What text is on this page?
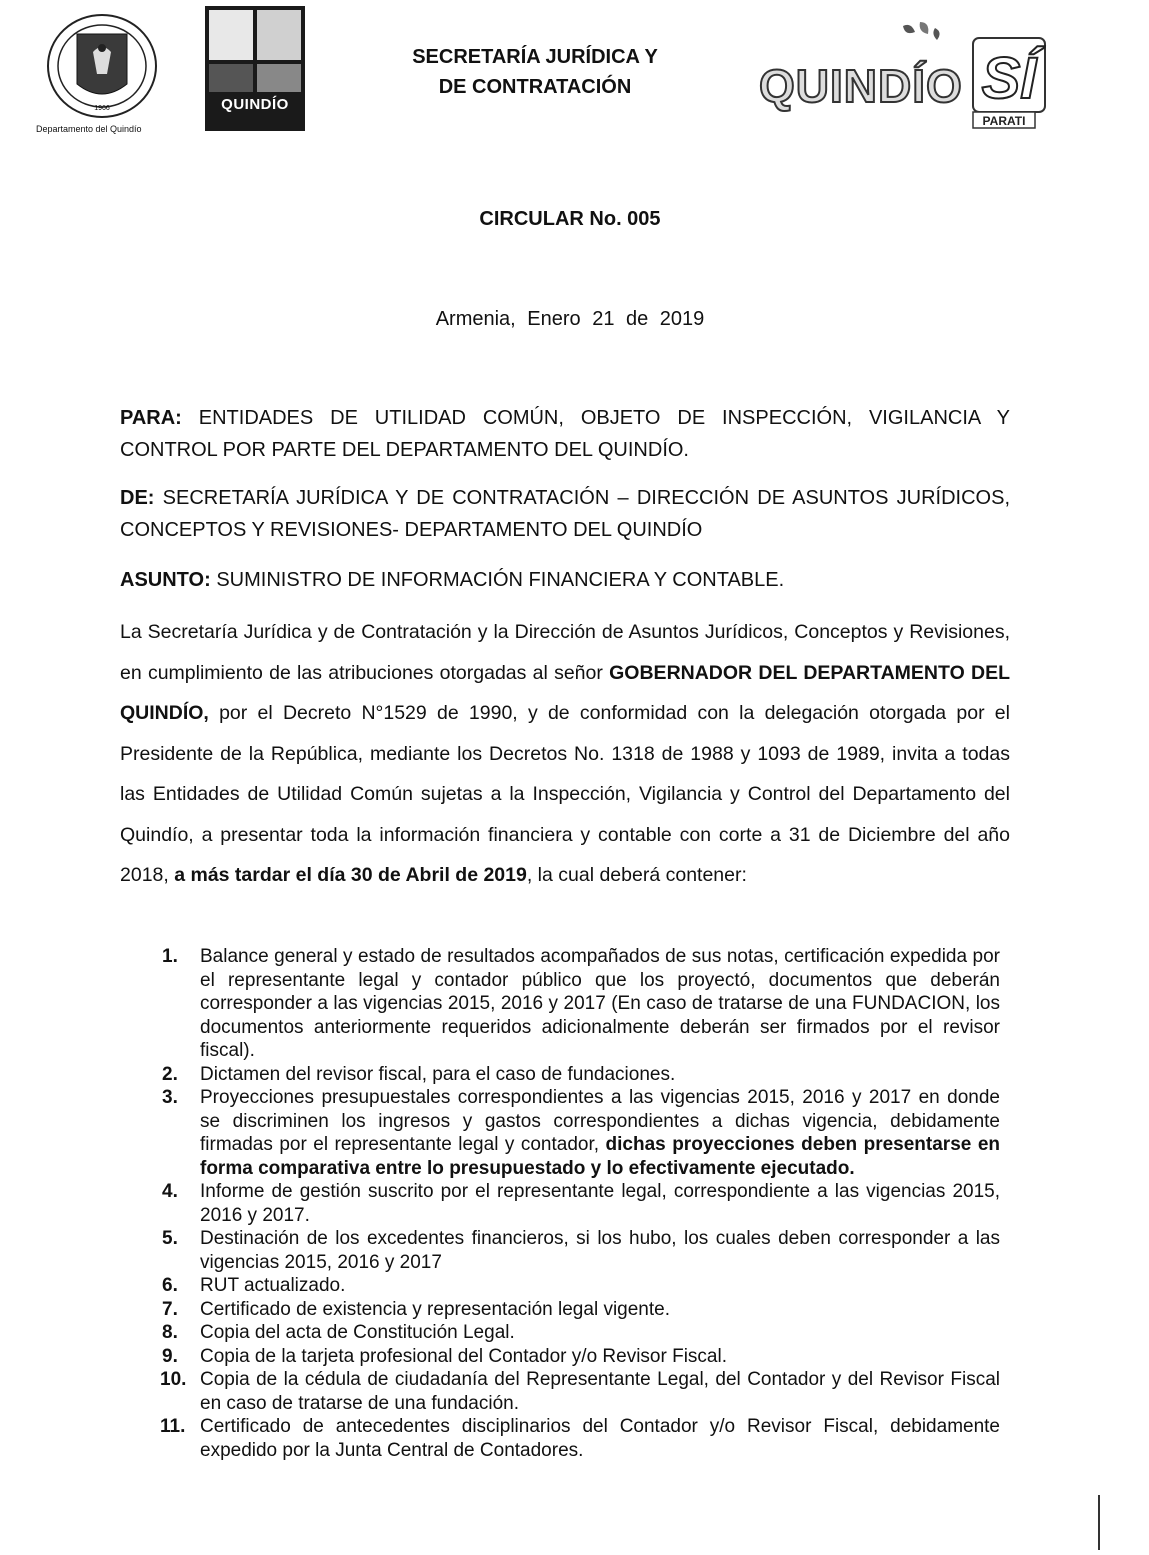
1966
Departamento del Quindío
QUINDÍO
SECRETARÍA JURÍDICA Y
DE CONTRATACIÓN	QUINDÍO SÍ
PARATI
CIRCULAR No. 005
Armenia, Enero 21 de 2019
PARA: ENTIDADES DE UTILIDAD COMÚN, OBJETO DE INSPECCIÓN, VIGILANCIA Y CONTROL POR PARTE DEL DEPARTAMENTO DEL QUINDÍO.
DE: SECRETARÍA JURÍDICA Y DE CONTRATACIÓN – DIRECCIÓN DE ASUNTOS JURÍDICOS, CONCEPTOS Y REVISIONES- DEPARTAMENTO DEL QUINDÍO
ASUNTO: SUMINISTRO DE INFORMACIÓN FINANCIERA Y CONTABLE.
La Secretaría Jurídica y de Contratación y la Dirección de Asuntos Jurídicos, Conceptos y Revisiones, en cumplimiento de las atribuciones otorgadas al señor GOBERNADOR DEL DEPARTAMENTO DEL QUINDÍO, por el Decreto N°1529 de 1990, y de conformidad con la delegación otorgada por el Presidente de la República, mediante los Decretos No. 1318 de 1988 y 1093 de 1989, invita a todas las Entidades de Utilidad Común sujetas a la Inspección, Vigilancia y Control del Departamento del Quindío, a presentar toda la información financiera y contable con corte a 31 de Diciembre del año 2018, a más tardar el día 30 de Abril de 2019, la cual deberá contener:
1. Balance general y estado de resultados acompañados de sus notas, certificación expedida por el representante legal y contador público que los proyectó, documentos que deberán corresponder a las vigencias 2015, 2016 y 2017 (En caso de tratarse de una FUNDACION, los documentos anteriormente requeridos adicionalmente deberán ser firmados por el revisor fiscal).
2. Dictamen del revisor fiscal, para el caso de fundaciones.
3. Proyecciones presupuestales correspondientes a las vigencias 2015, 2016 y 2017 en donde se discriminen los ingresos y gastos correspondientes a dichas vigencia, debidamente firmadas por el representante legal y contador, dichas proyecciones deben presentarse en forma comparativa entre lo presupuestado y lo efectivamente ejecutado.
4. Informe de gestión suscrito por el representante legal, correspondiente a las vigencias 2015, 2016 y 2017.
5. Destinación de los excedentes financieros, si los hubo, los cuales deben corresponder a las vigencias 2015, 2016 y 2017
6. RUT actualizado.
7. Certificado de existencia y representación legal vigente.
8. Copia del acta de Constitución Legal.
9. Copia de la tarjeta profesional del Contador y/o Revisor Fiscal.
10. Copia de la cédula de ciudadanía del Representante Legal, del Contador y del Revisor Fiscal en caso de tratarse de una fundación.
11. Certificado de antecedentes disciplinarios del Contador y/o Revisor Fiscal, debidamente expedido por la Junta Central de Contadores.
